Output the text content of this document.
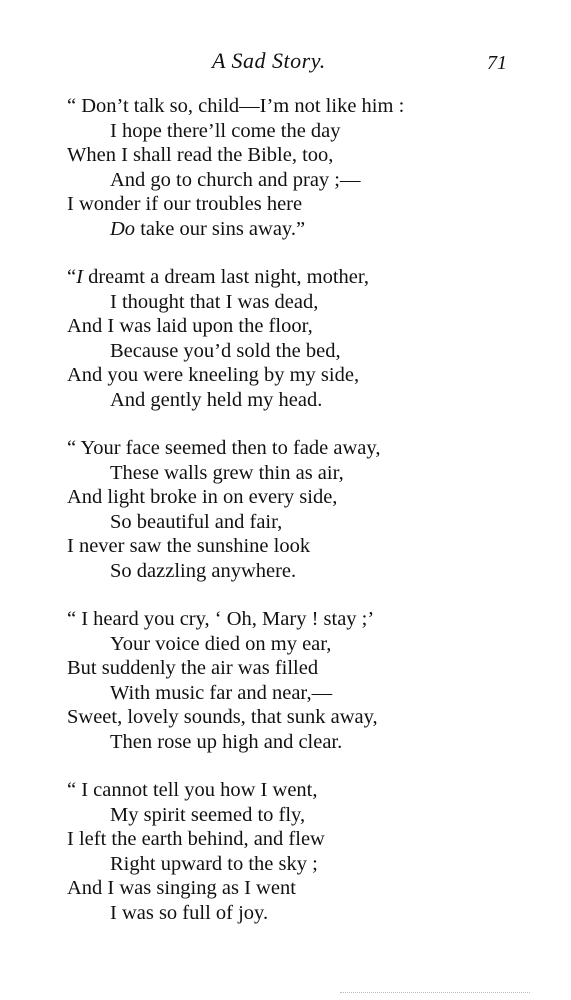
A Sad Story.	71
“ Don’t talk so, child—I’m not like him :
I hope there’ll come the day
When I shall read the Bible, too,
And go to church and pray ;—
I wonder if our troubles here
Do take our sins away.”
“I dreamt a dream last night, mother,
I thought that I was dead,
And I was laid upon the floor,
Because you’d sold the bed,
And you were kneeling by my side,
And gently held my head.
“ Your face seemed then to fade away,
These walls grew thin as air,
And light broke in on every side,
So beautiful and fair,
I never saw the sunshine look
So dazzling anywhere.
“ I heard you cry, ‘ Oh, Mary ! stay ;’
Your voice died on my ear,
But suddenly the air was filled
With music far and near,—
Sweet, lovely sounds, that sunk away,
Then rose up high and clear.
“ I cannot tell you how I went,
My spirit seemed to fly,
I left the earth behind, and flew
Right upward to the sky ;
And I was singing as I went
I was so full of joy.
